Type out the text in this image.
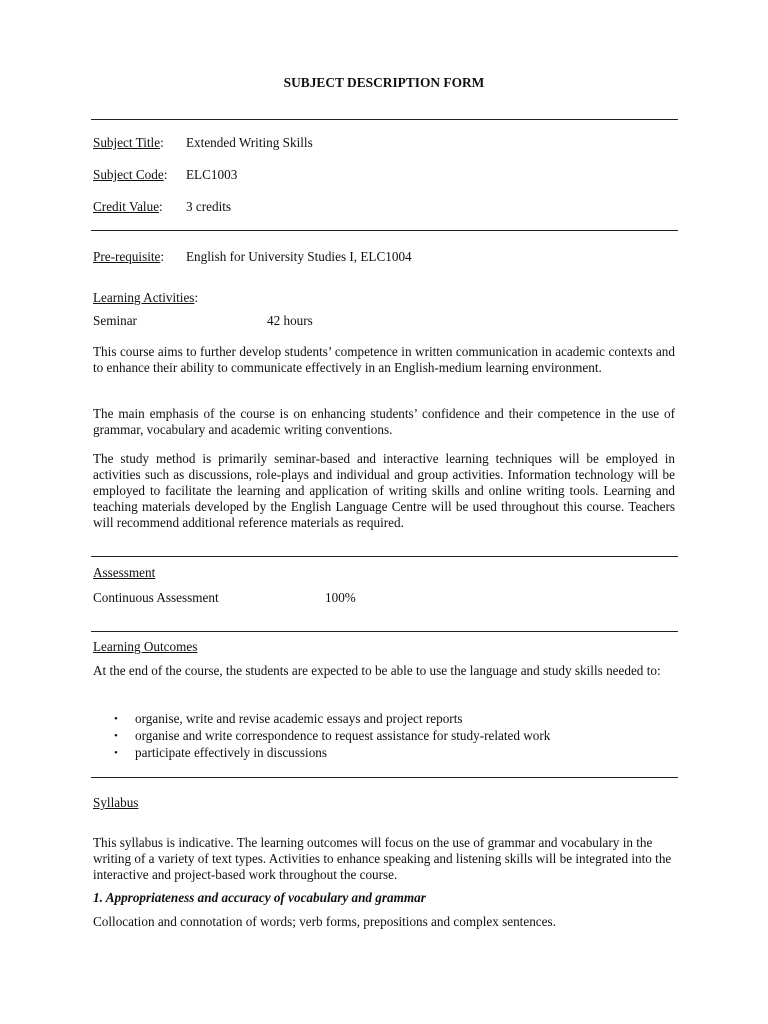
SUBJECT DESCRIPTION FORM
Subject Title: Extended Writing Skills
Subject Code: ELC1003
Credit Value: 3 credits
Pre-requisite: English for University Studies I, ELC1004
Learning Activities:
Seminar	42 hours

This course aims to further develop students’ competence in written communication in academic contexts and to enhance their ability to communicate effectively in an English-medium learning environment.

The main emphasis of the course is on enhancing students’ confidence and their competence in the use of grammar, vocabulary and academic writing conventions.

The study method is primarily seminar-based and interactive learning techniques will be employed in activities such as discussions, role-plays and individual and group activities. Information technology will be employed to facilitate the learning and application of writing skills and online writing tools. Learning and teaching materials developed by the English Language Centre will be used throughout this course. Teachers will recommend additional reference materials as required.

Assessment
Continuous Assessment	100%
Learning Outcomes

At the end of the course, the students are expected to be able to use the language and study skills needed to:

• organise, write and revise academic essays and project reports
• organise and write correspondence to request assistance for study-related work
• participate effectively in discussions
Syllabus

This syllabus is indicative. The learning outcomes will focus on the use of grammar and vocabulary in the writing of a variety of text types. Activities to enhance speaking and listening skills will be integrated into the interactive and project-based work throughout the course.

1. Appropriateness and accuracy of vocabulary and grammar
Collocation and connotation of words; verb forms, prepositions and complex sentences.
